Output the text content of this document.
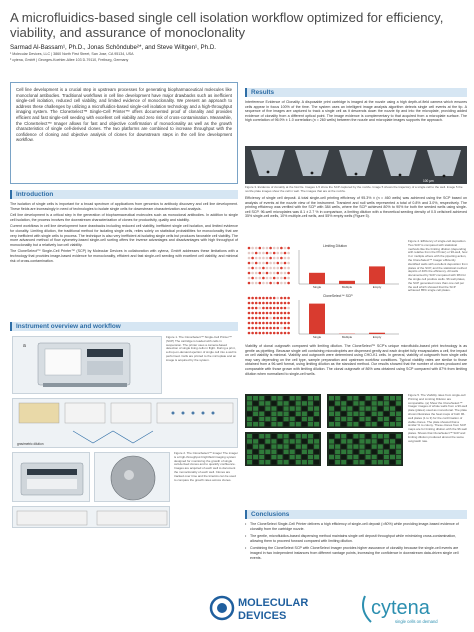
A microfluidics-based single cell isolation workflow optimized for efficiency, viability, and assurance of monoclonality
Sarmad Al-Bassam¹, Ph.D., Jonas Schöndube²*, and Steve Wiltgen¹, Ph.D.
¹ Molecular Devices, LLC | 3860 North First Street, San Jose, CA 95134, USA
² cytena, GmbH | Georges-Koehler-Allee 103 D-79110, Freiburg, Germany
Cell line development is a crucial step in upstream processes for generating biopharmaceutical molecules like monoclonal antibodies. Traditional workflows in cell line development have major drawbacks such as inefficient single-cell isolation, reduced cell viability, and limited evidence of monoclonality. We present an approach to address these challenges by utilizing a microfluidics-based single-cell isolation technology and a high-throughput imaging system. The CloneSelect™ Single-Cell Printer™ offers documented proof of clonality and provides efficient and fast single-cell seeding with excellent cell viability and zero risk of cross-contamination. Meanwhile, the CloneSelect™ Imager allows for fast and objective confirmation of monoclonality as well as the growth characteristics of single cell-derived clones. The two platforms are combined to increase throughput with the confidence of cloning and objective analysis of clones for downstream steps in the cell line development workflow.
Introduction
The isolation of single cells is important for a broad spectrum of applications from genomics to antibody discovery and cell line development. These fields are increasingly in need of technologies to isolate single cells for downstream characterization and analysis.
Cell line development is a critical step in the generation of biopharmaceutical molecules such as monoclonal antibodies. In addition to single cell isolation, the process involves the downstream characterization of clones for productivity, quality and stability.
Current workflows in cell line development have drawbacks including reduced cell viability, inefficient single cell isolation, and limited evidence for clonality. Limiting dilution, the traditional method for isolating single cells, relies solely on statistical probabilities for monoclonality that are very inefficient with single cells to process. The technique is also very inefficient at isolating single cells but produces favorable cell viability. The more advanced method of flow cytometry-based single-cell sorting offers the inverse advantages and disadvantages with high throughput of monoclonality but a relatively low cell viability.
The CloneSelect™ Single-Cell Printer™ (SCP) by Molecular Devices in collaboration with cytena, GmbH addresses these limitations with a technology that provides image-based evidence for monoclonality, efficient and fast single-cell seeding with excellent cell viability, and minimal risk of cross-contamination.
Instrument overview and workflow
a
Figure 1. The CloneSelect™ Single-Cell Printer™ (SCP) The cartridge is loaded with cells in suspension. The printer uses a camera-based detection of single living cells in flight. During a print, a drop-on-demand ejection of single cell into a well is performed. Cells are printed to the microplate and an image is acquired by the system.
gravimetric dilution
Figure 2. The CloneSelect™ Imager The imager is a high-throughput brightfield imaging system designed for monitoring the growth of single cell-derived clones and to quantify confluence. Images are acquired of each well to document the monoclonality of each well. Clones are tracked over time and the kinetics can be used to compare the growth rates across clones.
Results
Interference Evidence of Clonality. A disposable print cartridge is imaged at the nozzle using a high depth-of-field camera which ensures cells appear in focus 100% of the time. The system uses an intelligent image analysis algorithm detects single cell events at the tip. A sequence of five images are captured to track a single cell as it descends down the nozzle tip and into the microplate, providing added evidence of clonality from a different optical point. The image evidence is complementary to that acquired from a microplate surface. The high correlation of 96.9% ± 1.0 correlation (n = 260 wells) between the nozzle and microplate images supports the approach.
100 µm
Figure 3. Evidence of clonality at the Nozzle. Images 1-5 show the SCP captured by the nozzle. Image 5 shows the trajectory of a single cell to the well. Image 5 the nozzle plate images show the cell in well. The images that are at the nozzle.
Efficiency of single cell deposit. A total single-cell printing efficiency of 95.3% ± (n = 460 wells) was achieved using the SCP based on analysis of events at the nozzle view of the instrument. Transient and null wells represented a total of 0.8% and 3.0%, respectively. The printing efficiency was verified with the SCP with 384 wells, where the SCP achieved 80% to 90% for both the seeded wells using single-cell SCP. 96-well microplates was 8.1 ± 2.7 % in comparison, a limiting dilution with a theoretical seeding density of 0.5 cells/well achieved 35% single-cell wells, 10% multiple-cell wells, and 55% empty wells (Figure 5).
Limiting Dilution
Single	Multiple	Empty
CloneSelect™ SCP
Single	Multiple	Empty
Figure 4. Efficiency of single-cell deposition. Two SCP is compared with statistical methods like the limiting dilution (depending with relative from the Printer) or 96-well, how 3 or multiple where with the pipetting action, the CloneSelect™ Imager efficiently identified wells with excellent deposition from plates of the SCP, and the statistical method depicts of 40% the efficiency. All wells documented by SCP compared with 384 for the single cell positive wells. 96 well plates, the SCP generated more than one cell per the well which showed that the SCP achieved 85% single cell plates.
Viability of clonal outgrowth compared with limiting dilution. The CloneSelect™ SCP's unique microfluidic-based print technology is as gentle as pipetting. Because single cell containing microdroplets are dispensed gently and each droplet fully encapsulates a cell, the impact on cell viability is minimal. Viability and outgrowth were determined using CHO-K1 cells. In general, viability of outgrowth from single cells may vary depending on the cell type, sample preparation and upstream workflow conditions. Typical viability rates are similar to those obtained from a 96-well format, using limiting dilution as the standard method. Our results showed that the number of clones produced are comparable with those grown with limiting dilution. The clonal outgrowth of 86% was obtained using SCP compared with 87% from limiting dilution when normalized to single-cell wells.
Figure 5. The Viability rates from single-cell Printing and Limiting Dilution are comparable. (a) Show the CloneSelect™ Imager images of whole wells from a 96-well plate (plates) used as monoclonal. The plate shown illustrates the heat maps of both 96-well plates (1 to 3) for the confirmation of viable clones. The plate showed that a similar % to colony. These clones from SCP maps are for limiting dilution with the 96-well plates. Shows that CloneSelect™ SCP and limiting dilution produced almost the same outgrowth rate.
Conclusions
• The CloneSelect Single-Cell Printer delivers a high efficiency of single-cell deposit (>80%) while providing image-based evidence of clonality from the cartridge nozzle.
• The gentle, microfluidics-based dispensing method maintains single cell deposit throughput while minimizing cross-contamination, allowing them to proceed forward compared with limiting dilution.
• Combining the CloneSelect SCP with CloneSelect Imager provides higher assurance of clonality because the single-cell events are imaged in two independent instances from different vantage points, increasing the confidence in downstream data-driven single cell events.
MOLECULAR
DEVICES	cytena
single cells on demand
